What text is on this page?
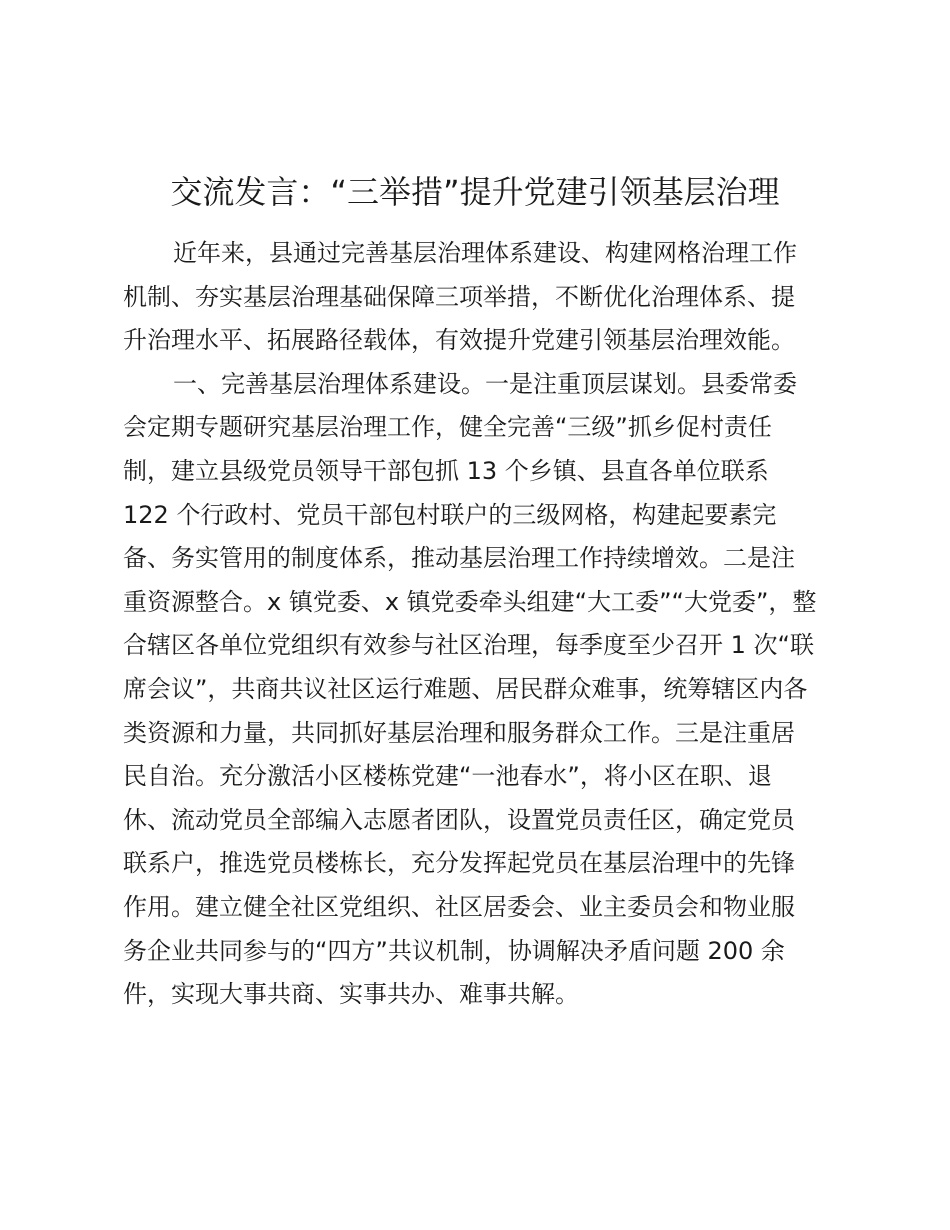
交流发言：“三举措”提升党建引领基层治理
近年来，县通过完善基层治理体系建设、构建网格治理工作
机制、夯实基层治理基础保障三项举措，不断优化治理体系、提
升治理水平、拓展路径载体，有效提升党建引领基层治理效能。
一、完善基层治理体系建设。一是注重顶层谋划。县委常委
会定期专题研究基层治理工作，健全完善“三级”抓乡促村责任
制，建立县级党员领导干部包抓 13 个乡镇、县直各单位联系
122 个行政村、党员干部包村联户的三级网格，构建起要素完
备、务实管用的制度体系，推动基层治理工作持续增效。二是注
重资源整合。x 镇党委、x 镇党委牵头组建“大工委”“大党委”，整
合辖区各单位党组织有效参与社区治理，每季度至少召开 1 次“联
席会议”，共商共议社区运行难题、居民群众难事，统筹辖区内各
类资源和力量，共同抓好基层治理和服务群众工作。三是注重居
民自治。充分激活小区楼栋党建“一池春水”，将小区在职、退
休、流动党员全部编入志愿者团队，设置党员责任区，确定党员
联系户，推选党员楼栋长，充分发挥起党员在基层治理中的先锋
作用。建立健全社区党组织、社区居委会、业主委员会和物业服
务企业共同参与的“四方”共议机制，协调解决矛盾问题 200 余
件，实现大事共商、实事共办、难事共解。
